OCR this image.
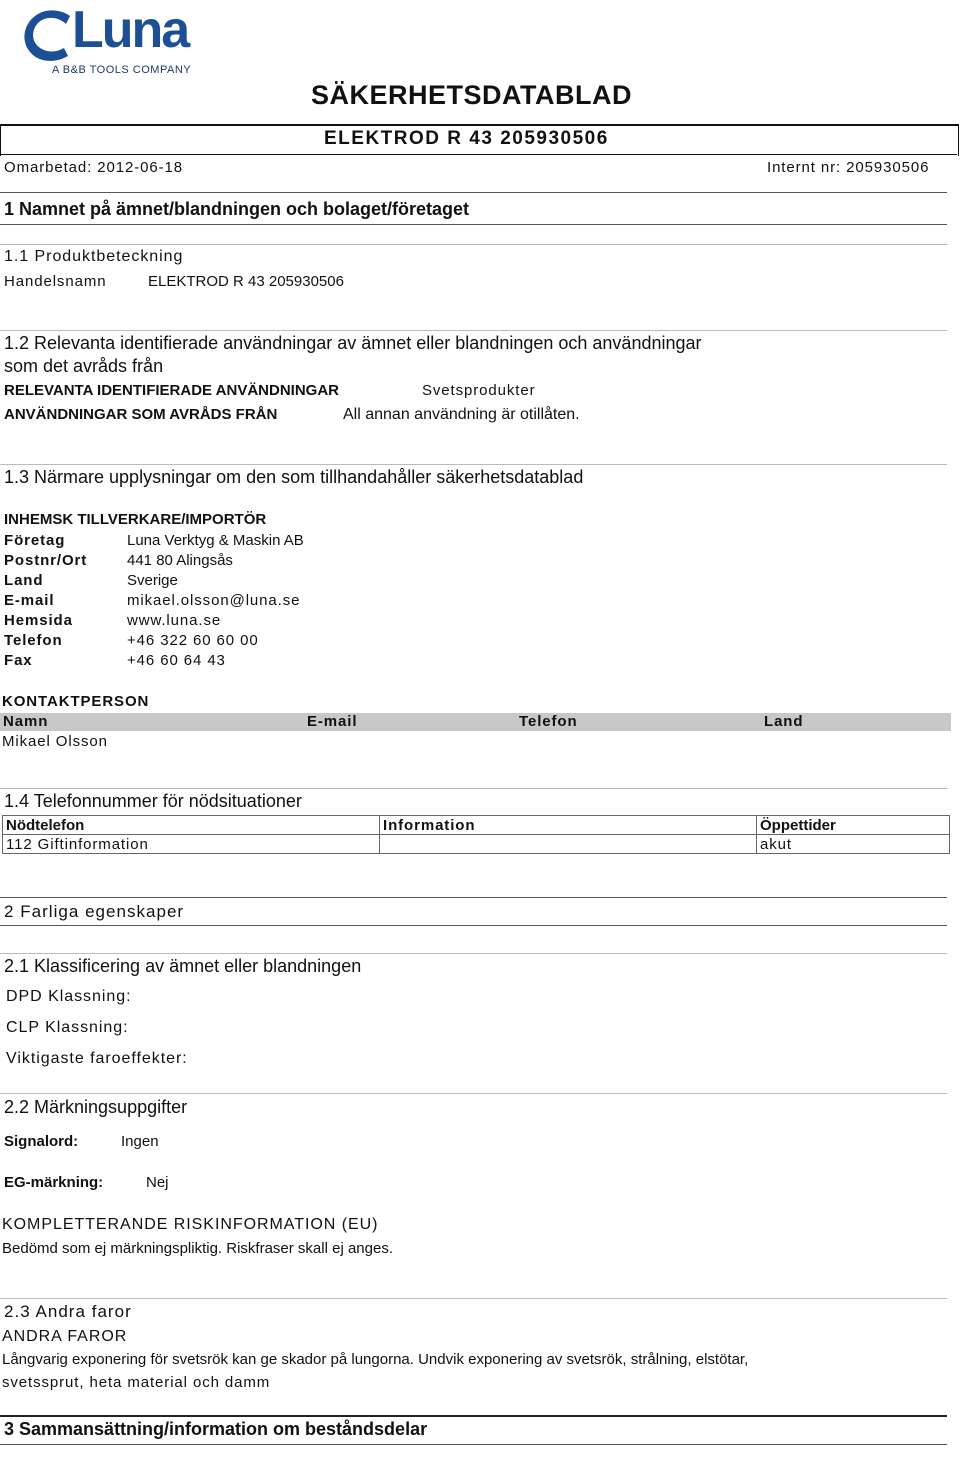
Luna
A B&B TOOLS COMPANY
SÄKERHETSDATABLAD
ELEKTROD R 43 205930506
Omarbetad: 2012-06-18	Internt nr: 205930506
1 Namnet på ämnet/blandningen och bolaget/företaget
1.1 Produktbeteckning
Handelsnamn	ELEKTROD R 43 205930506
1.2 Relevanta identifierade användningar av ämnet eller blandningen och användningar
som det avråds från
RELEVANTA IDENTIFIERADE ANVÄNDNINGAR	Svetsprodukter
ANVÄNDNINGAR SOM AVRÅDS FRÅN	All annan användning är otillåten.
1.3 Närmare upplysningar om den som tillhandahåller säkerhetsdatablad
INHEMSK TILLVERKARE/IMPORTÖR
Företag	Luna Verktyg & Maskin AB
Postnr/Ort	441 80 Alingsås
Land	Sverige
E-mail	mikael.olsson@luna.se
Hemsida	www.luna.se
Telefon	+46 322 60 60 00
Fax	+46 60 64 43
KONTAKTPERSON
Namn	E-mail	Telefon	Land
Mikael Olsson
1.4 Telefonnummer för nödsituationer
Nödtelefon	Information	Öppettider
112 Giftinformation		akut
2 Farliga egenskaper
2.1 Klassificering av ämnet eller blandningen
DPD Klassning:
CLP Klassning:
Viktigaste faroeffekter:
2.2 Märkningsuppgifter
Signalord:	Ingen
EG-märkning:	Nej
KOMPLETTERANDE RISKINFORMATION (EU)
Bedömd som ej märkningspliktig. Riskfraser skall ej anges.
2.3 Andra faror
ANDRA FAROR
Långvarig exponering för svetsrök kan ge skador på lungorna. Undvik exponering av svetsrök, strålning, elstötar,
svetssprut, heta material och damm
3 Sammansättning/information om beståndsdelar
